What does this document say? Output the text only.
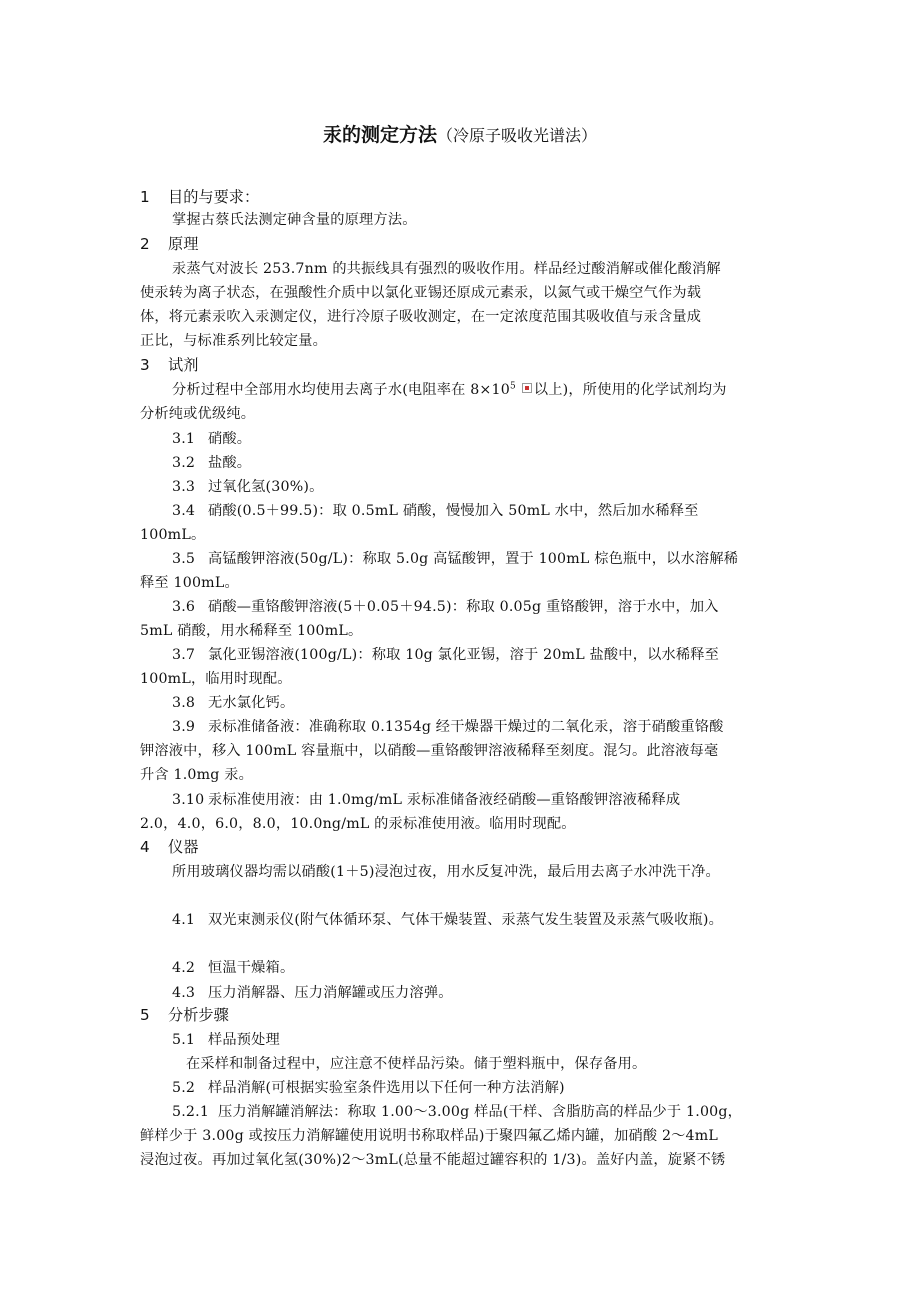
汞的测定方法（冷原子吸收光谱法）
1 目的与要求：
掌握古蔡氏法测定砷含量的原理方法。
2 原理
汞蒸气对波长 253.7nm 的共振线具有强烈的吸收作用。样品经过酸消解或催化酸消解
使汞转为离子状态，在强酸性介质中以氯化亚锡还原成元素汞，以氮气或干燥空气作为载
体，将元素汞吹入汞测定仪，进行冷原子吸收测定，在一定浓度范围其吸收值与汞含量成
正比，与标准系列比较定量。
3 试剂
分析过程中全部用水均使用去离子水(电阻率在 $8\times 10^5$ 以上)，所使用的化学试剂均为
分析纯或优级纯。
3.1 硝酸。
3.2 盐酸。
3.3 过氧化氢(30%)。
3.4 硝酸(0.5＋99.5)：取 0.5mL 硝酸，慢慢加入 50mL 水中，然后加水稀释至
100mL。
3.5 高锰酸钾溶液(50g/L)：称取 5.0g 高锰酸钾，置于 100mL 棕色瓶中，以水溶解稀
释至 100mL。
3.6 硝酸—重铬酸钾溶液(5＋0.05＋94.5)：称取 0.05g 重铬酸钾，溶于水中，加入
5mL 硝酸，用水稀释至 100mL。
3.7 氯化亚锡溶液(100g/L)：称取 10g 氯化亚锡，溶于 20mL 盐酸中，以水稀释至
100mL，临用时现配。
3.8 无水氯化钙。
3.9 汞标准储备液：准确称取 0.1354g 经干燥器干燥过的二氧化汞，溶于硝酸重铬酸
钾溶液中，移入 100mL 容量瓶中，以硝酸—重铬酸钾溶液稀释至刻度。混匀。此溶液每毫
升含 1.0mg 汞。
3.10 汞标准使用液：由 1.0mg/mL 汞标准储备液经硝酸—重铬酸钾溶液稀释成
2.0，4.0，6.0，8.0，10.0ng/mL 的汞标准使用液。临用时现配。
4 仪器
所用玻璃仪器均需以硝酸(1＋5)浸泡过夜，用水反复冲洗，最后用去离子水冲洗干净。
4.1 双光束测汞仪(附气体循环泵、气体干燥装置、汞蒸气发生装置及汞蒸气吸收瓶)。
4.2 恒温干燥箱。
4.3 压力消解器、压力消解罐或压力溶弹。
5 分析步骤
5.1 样品预处理
在采样和制备过程中，应注意不使样品污染。储于塑料瓶中，保存备用。
5.2 样品消解(可根据实验室条件选用以下任何一种方法消解)
5.2.1 压力消解罐消解法：称取 1.00～3.00g 样品(干样、含脂肪高的样品少于 1.00g，
鲜样少于 3.00g 或按压力消解罐使用说明书称取样品)于聚四氟乙烯内罐，加硝酸 2～4mL
浸泡过夜。再加过氧化氢(30%)2～3mL(总量不能超过罐容积的 1/3)。盖好内盖，旋紧不锈
